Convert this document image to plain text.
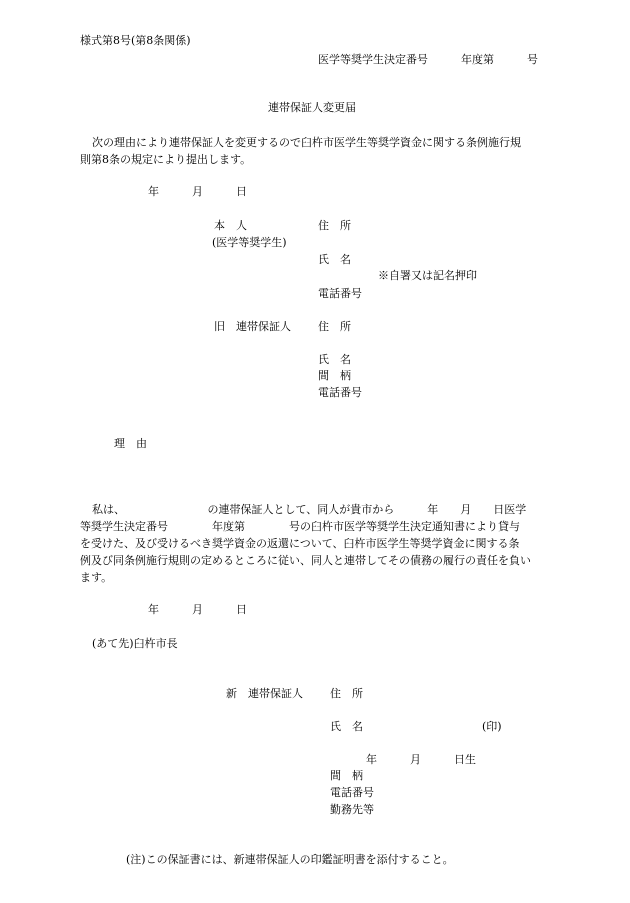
様式第8号(第8条関係)
医学等奨学生決定番号　　　年度第　　　号
連帯保証人変更届
次の理由により連帯保証人を変更するので臼杵市医学生等奨学資金に関する条例施行規
則第8条の規定により提出します。
年　　　月　　　日
本　人
(医学等奨学生)
住　所
氏　名
※自署又は記名押印
電話番号
旧　連帯保証人 住　所
氏　名
間　柄
電話番号
理　由
私は、　　　　　　　　の連帯保証人として、同人が貴市から　　　年　　月　　日医学
等奨学生決定番号　　　　年度第　　　　号の臼杵市医学等奨学生決定通知書により貸与
を受けた、及び受けるべき奨学資金の返還について、臼杵市医学生等奨学資金に関する条
例及び同条例施行規則の定めるところに従い、同人と連帯してその債務の履行の責任を負い
ます。
年　　　月　　　日
(あて先)臼杵市長
新　連帯保証人 住　所
氏　名	(印)
年　　　月　　　日生
間　柄
電話番号
勤務先等
(注)この保証書には、新連帯保証人の印鑑証明書を添付すること。
